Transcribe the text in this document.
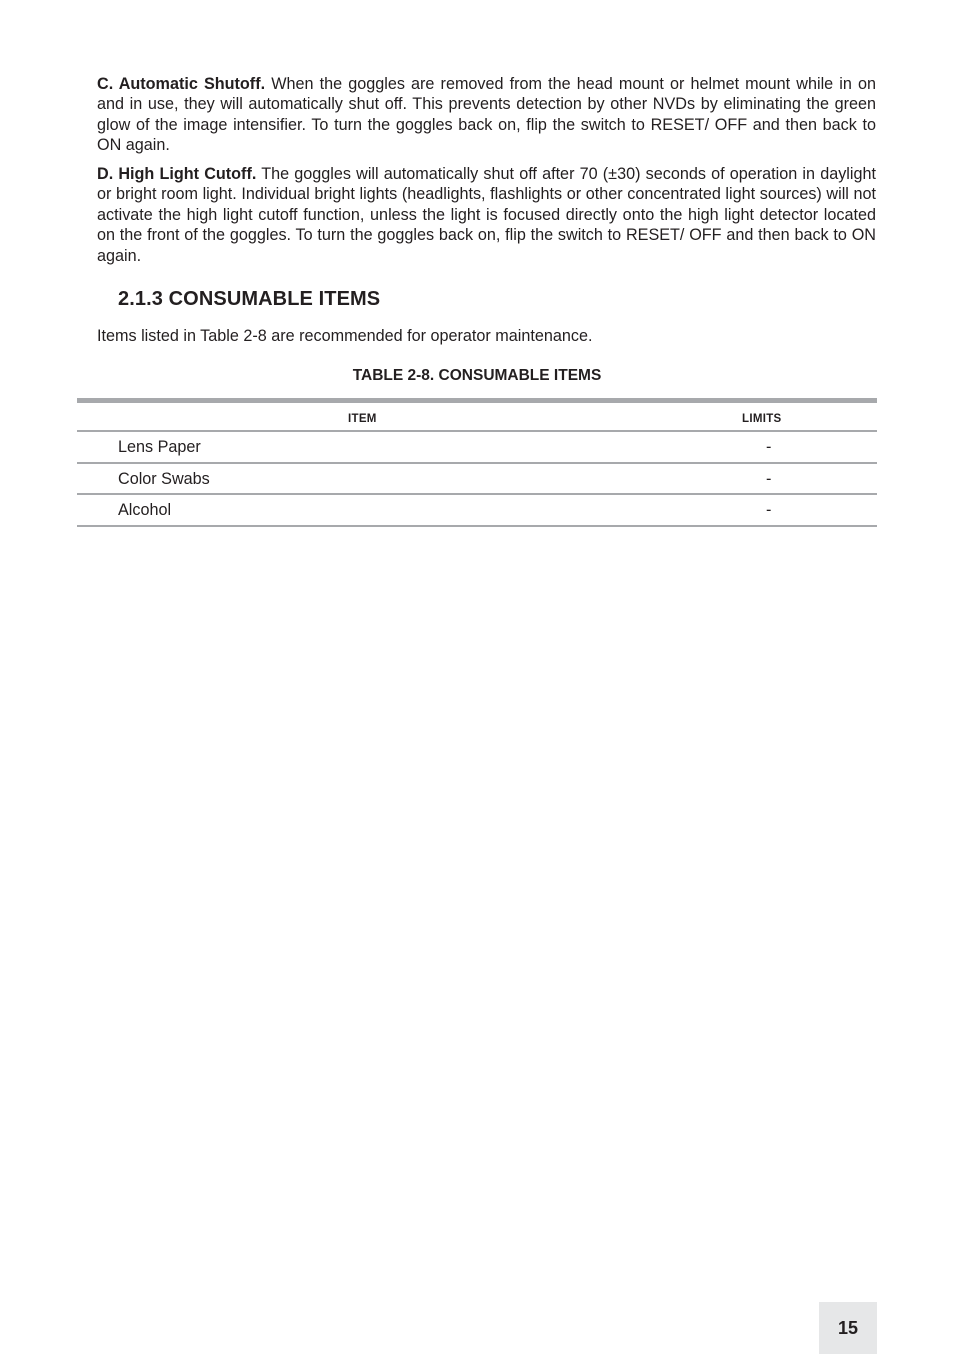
C. Automatic Shutoff. When the goggles are removed from the head mount or helmet mount while in on and in use, they will automatically shut off. This prevents detection by other NVDs by eliminating the green glow of the image intensifier. To turn the goggles back on, flip the switch to RESET/ OFF and then back to ON again.

D. High Light Cutoff. The goggles will automatically shut off after 70 (±30) seconds of operation in daylight or bright room light. Individual bright lights (headlights, flashlights or other concentrated light sources) will not activate the high light cutoff function, unless the light is focused directly onto the high light detector located on the front of the goggles. To turn the goggles back on, flip the switch to RESET/ OFF and then back to ON again.

2.1.3 CONSUMABLE ITEMS

Items listed in Table 2-8 are recommended for operator maintenance.

TABLE 2-8. CONSUMABLE ITEMS

ITEM	LIMITS
Lens Paper	-
Color Swabs	-
Alcohol	-
15
